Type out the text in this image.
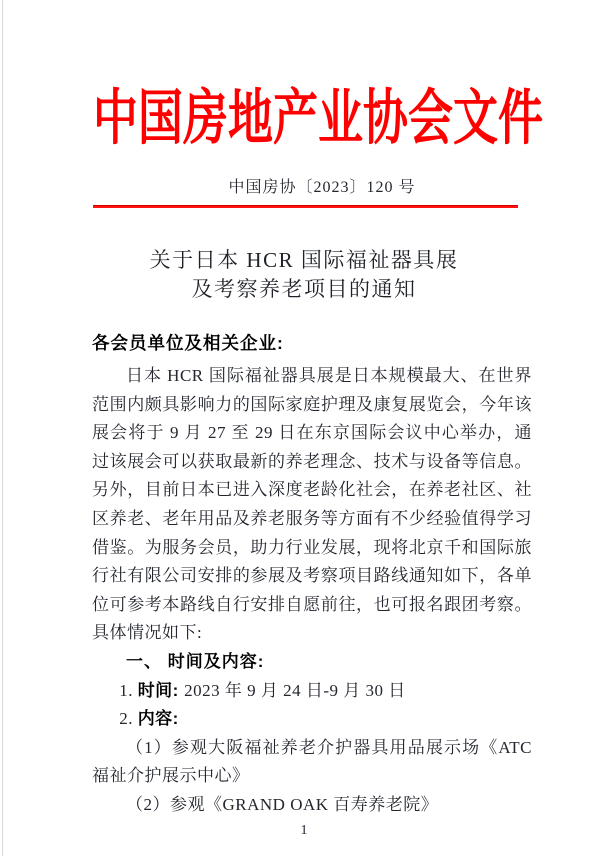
中国房地产业协会文件
中国房协〔2023〕120 号
关于日本 HCR 国际福祉器具展
及考察养老项目的通知
各会员单位及相关企业:

日本 HCR 国际福祉器具展是日本规模最大、在世界范围内颇具影响力的国际家庭护理及康复展览会，今年该展会将于 9 月 27 至 29 日在东京国际会议中心举办，通过该展会可以获取最新的养老理念、技术与设备等信息。另外，目前日本已进入深度老龄化社会，在养老社区、社区养老、老年用品及养老服务等方面有不少经验值得学习借鉴。为服务会员，助力行业发展，现将北京千和国际旅行社有限公司安排的参展及考察项目路线通知如下，各单位可参考本路线自行安排自愿前往，也可报名跟团考察。具体情况如下:

一、 时间及内容:
1. 时间: 2023 年 9 月 24 日-9 月 30 日
2. 内容:

（1）参观大阪福祉养老介护器具用品展示场《ATC 福祉介护展示中心》

（2）参观《GRAND OAK 百寿养老院》

1
